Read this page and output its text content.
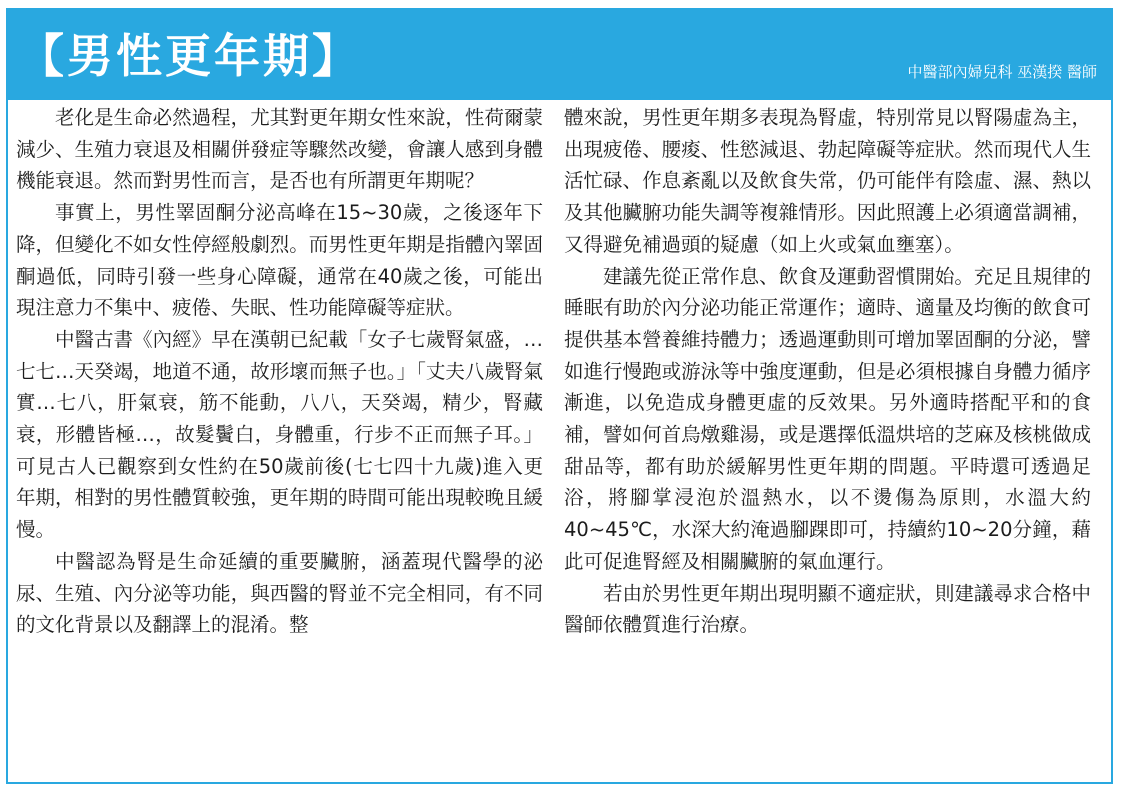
【男性更年期】	中醫部內婦兒科 巫漢揆 醫師

老化是生命必然過程，尤其對更年期女性來說，性荷爾蒙減少、生殖力衰退及相關併發症等驟然改變，會讓人感到身體機能衰退。然而對男性而言，是否也有所謂更年期呢？

事實上，男性睪固酮分泌高峰在15~30歲，之後逐年下降，但變化不如女性停經般劇烈。而男性更年期是指體內睪固酮過低，同時引發一些身心障礙，通常在40歲之後，可能出現注意力不集中、疲倦、失眠、性功能障礙等症狀。

中醫古書《內經》早在漢朝已紀載「女子七歲腎氣盛，…七七…天癸竭，地道不通，故形壞而無子也。」「丈夫八歲腎氣實…七八，肝氣衰，筋不能動，八八，天癸竭，精少，腎藏衰，形體皆極…，故髮鬢白，身體重，行步不正而無子耳。」可見古人已觀察到女性約在50歲前後(七七四十九歲)進入更年期，相對的男性體質較強，更年期的時間可能出現較晚且緩慢。

中醫認為腎是生命延續的重要臟腑，涵蓋現代醫學的泌尿、生殖、內分泌等功能，與西醫的腎並不完全相同，有不同的文化背景以及翻譯上的混淆。整

體來說，男性更年期多表現為腎虛，特別常見以腎陽虛為主，出現疲倦、腰痠、性慾減退、勃起障礙等症狀。然而現代人生活忙碌、作息紊亂以及飲食失常，仍可能伴有陰虛、濕、熱以及其他臟腑功能失調等複雜情形。因此照護上必須適當調補，又得避免補過頭的疑慮（如上火或氣血壅塞）。

建議先從正常作息、飲食及運動習慣開始。充足且規律的睡眠有助於內分泌功能正常運作；適時、適量及均衡的飲食可提供基本營養維持體力；透過運動則可增加睪固酮的分泌，譬如進行慢跑或游泳等中強度運動，但是必須根據自身體力循序漸進，以免造成身體更虛的反效果。另外適時搭配平和的食補，譬如何首烏燉雞湯，或是選擇低溫烘培的芝麻及核桃做成甜品等，都有助於緩解男性更年期的問題。平時還可透過足浴，將腳掌浸泡於溫熱水，以不燙傷為原則，水溫大約40~45℃，水深大約淹過腳踝即可，持續約10~20分鐘，藉此可促進腎經及相關臟腑的氣血運行。

若由於男性更年期出現明顯不適症狀，則建議尋求合格中醫師依體質進行治療。
